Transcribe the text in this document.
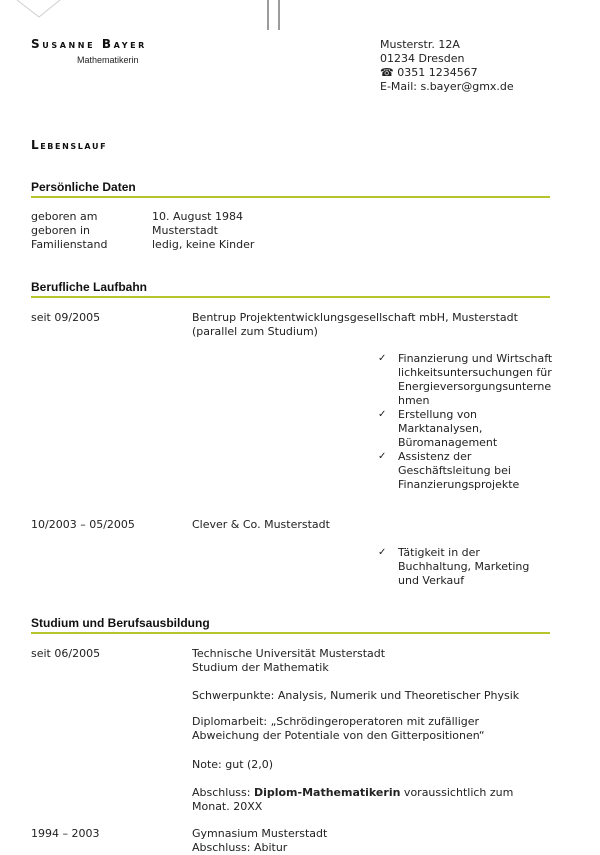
Susanne Bayer
Mathematikerin
Musterstr. 12A
01234 Dresden
☎ 0351 1234567
E-Mail: s.bayer@gmx.de
Lebenslauf
Persönliche Daten
geboren am	10. August 1984
geboren in	Musterstadt
Familienstand	ledig, keine Kinder
Berufliche Laufbahn
seit 09/2005	Bentrup Projektentwicklungsgesellschaft mbH, Musterstadt
(parallel zum Studium)
✓ Finanzierung und Wirtschaftlichkeitsuntersuchungen für Energieversorgungsunternehmen
✓ Erstellung von Marktanalysen, Büromanagement
✓ Assistenz der Geschäftsleitung bei Finanzierungsprojekte
10/2003 – 05/2005	Clever & Co. Musterstadt
✓ Tätigkeit in der Buchhaltung, Marketing und Verkauf
Studium und Berufsausbildung
seit 06/2005	Technische Universität Musterstadt
Studium der Mathematik
Schwerpunkte: Analysis, Numerik und Theoretischer Physik
Diplomarbeit: „Schrödingeroperatoren mit zufälliger Abweichung der Potentiale von den Gitterpositionen“
Note: gut (2,0)
Abschluss: Diplom-Mathematikerin voraussichtlich zum Monat. 20XX
1994 – 2003	Gymnasium Musterstadt
Abschluss: Abitur
